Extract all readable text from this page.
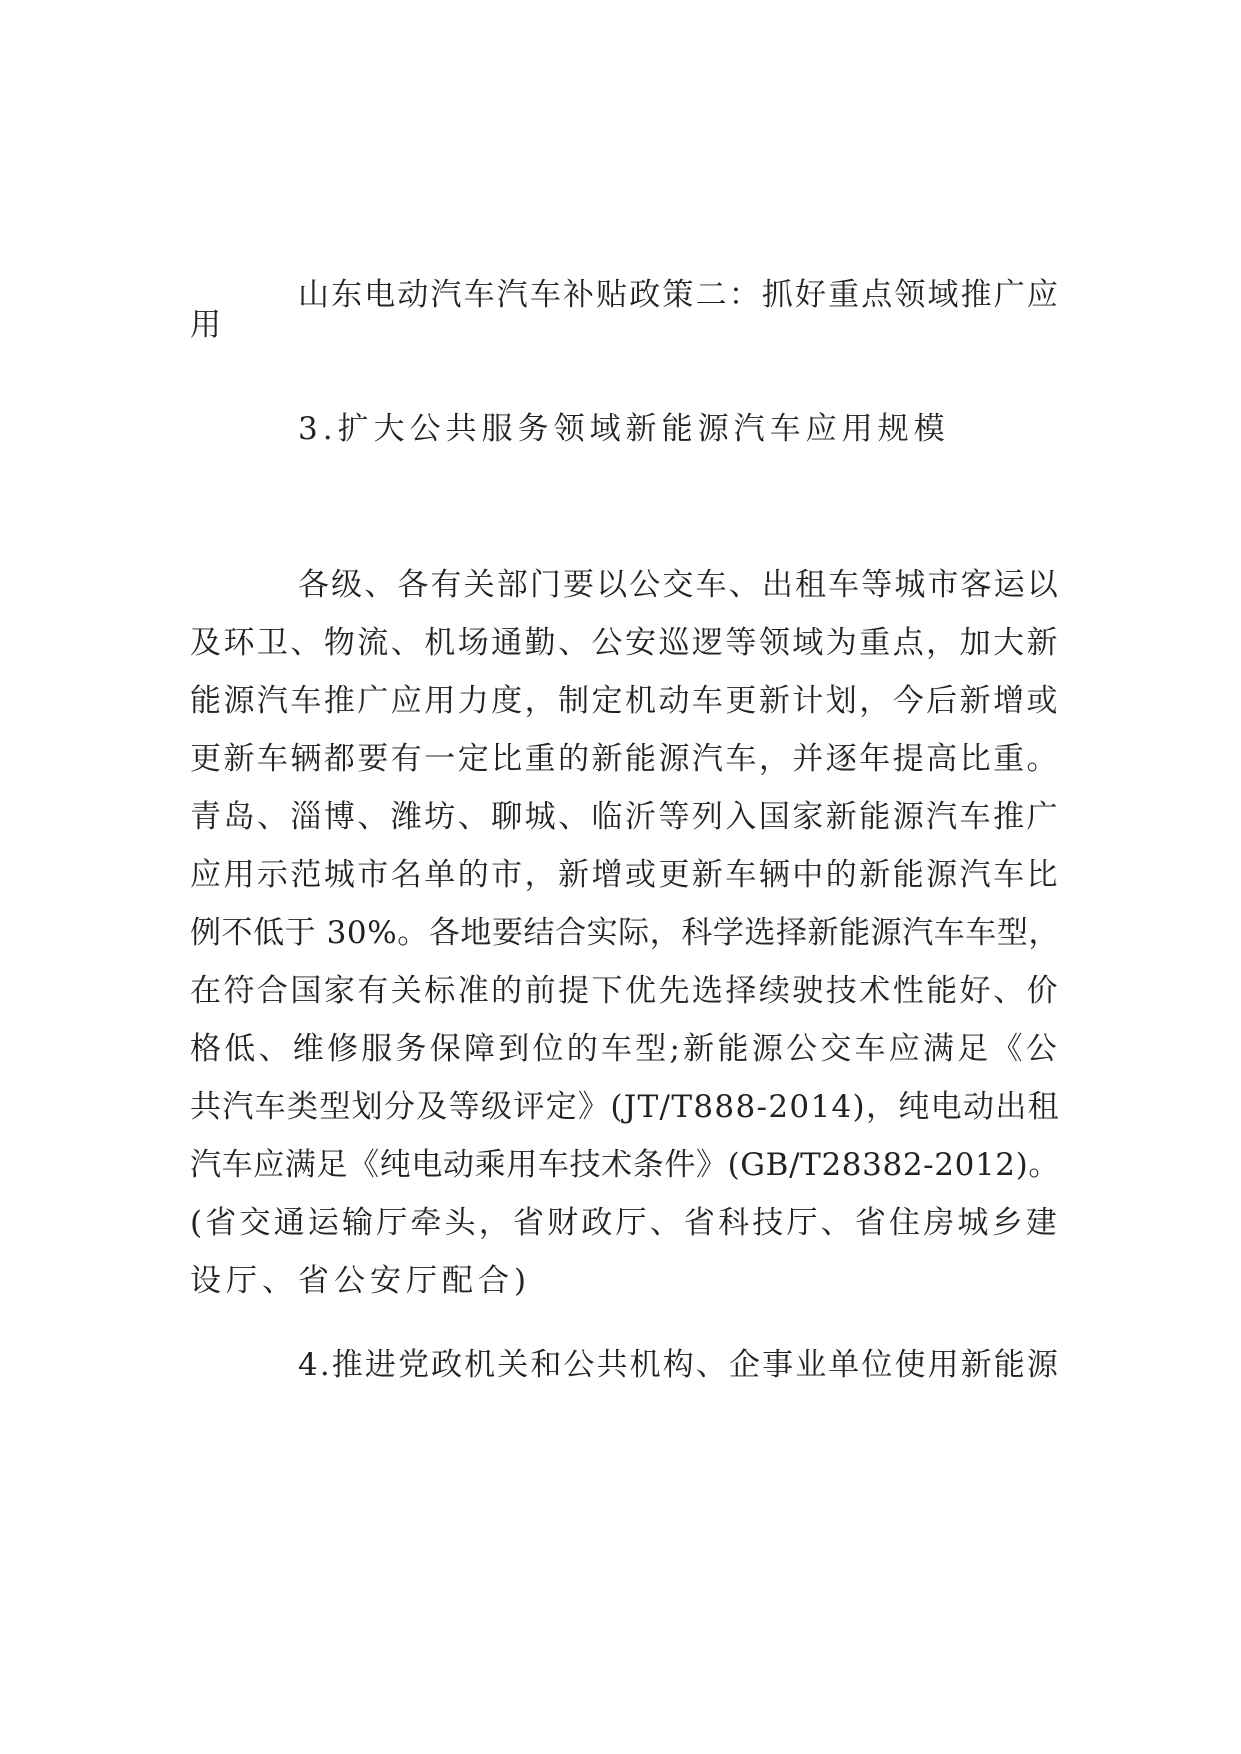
山东电动汽车汽车补贴政策二：抓好重点领域推广应

用

3.扩大公共服务领域新能源汽车应用规模

各级、各有关部门要以公交车、出租车等城市客运以
及环卫、物流、机场通勤、公安巡逻等领域为重点，加大新
能源汽车推广应用力度，制定机动车更新计划，今后新增或
更新车辆都要有一定比重的新能源汽车，并逐年提高比重。
青岛、淄博、潍坊、聊城、临沂等列入国家新能源汽车推广
应用示范城市名单的市，新增或更新车辆中的新能源汽车比
例不低于 30%。各地要结合实际，科学选择新能源汽车车型，
在符合国家有关标准的前提下优先选择续驶技术性能好、价
格低、维修服务保障到位的车型;新能源公交车应满足《公
共汽车类型划分及等级评定》(JT/T888-2014)，纯电动出租
汽车应满足《纯电动乘用车技术条件》(GB/T28382-2012)。
(省交通运输厅牵头，省财政厅、省科技厅、省住房城乡建
设厅、省公安厅配合)

4.推进党政机关和公共机构、企事业单位使用新能源
